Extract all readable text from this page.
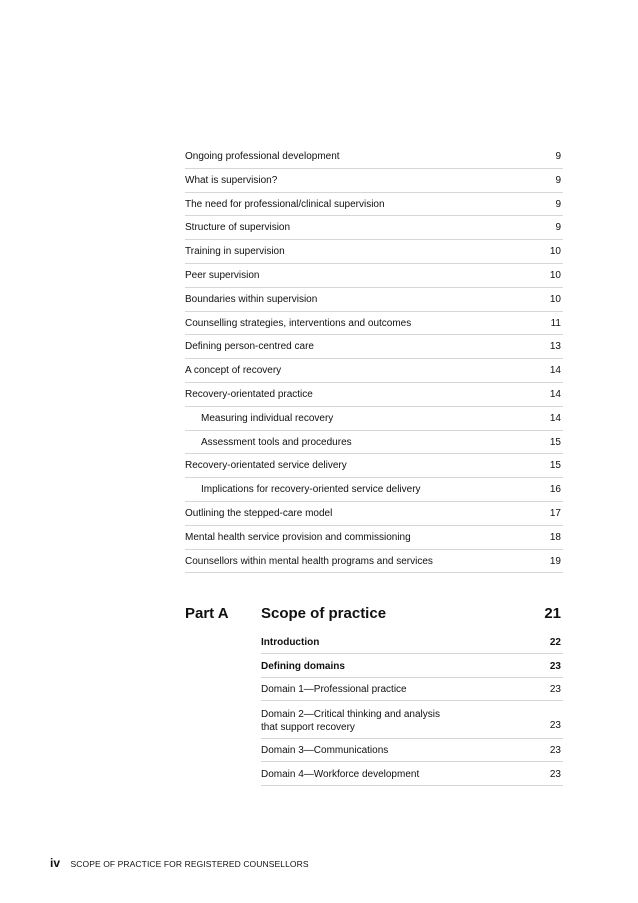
Ongoing professional development	9
What is supervision?	9
The need for professional/clinical supervision	9
Structure of supervision	9
Training in supervision	10
Peer supervision	10
Boundaries within supervision	10
Counselling strategies, interventions and outcomes	11
Defining person-centred care	13
A concept of recovery	14
Recovery-orientated practice	14
Measuring individual recovery	14
Assessment tools and procedures	15
Recovery-orientated service delivery	15
Implications for recovery-oriented service delivery	16
Outlining the stepped-care model	17
Mental health service provision and commissioning	18
Counsellors within mental health programs and services	19
Part A Scope of practice	21
Introduction	22
Defining domains	23
Domain 1—Professional practice	23
Domain 2—Critical thinking and analysis
that support recovery	23
Domain 3—Communications	23
Domain 4—Workforce development	23
iv SCOPE OF PRACTICE FOR REGISTERED COUNSELLORS
